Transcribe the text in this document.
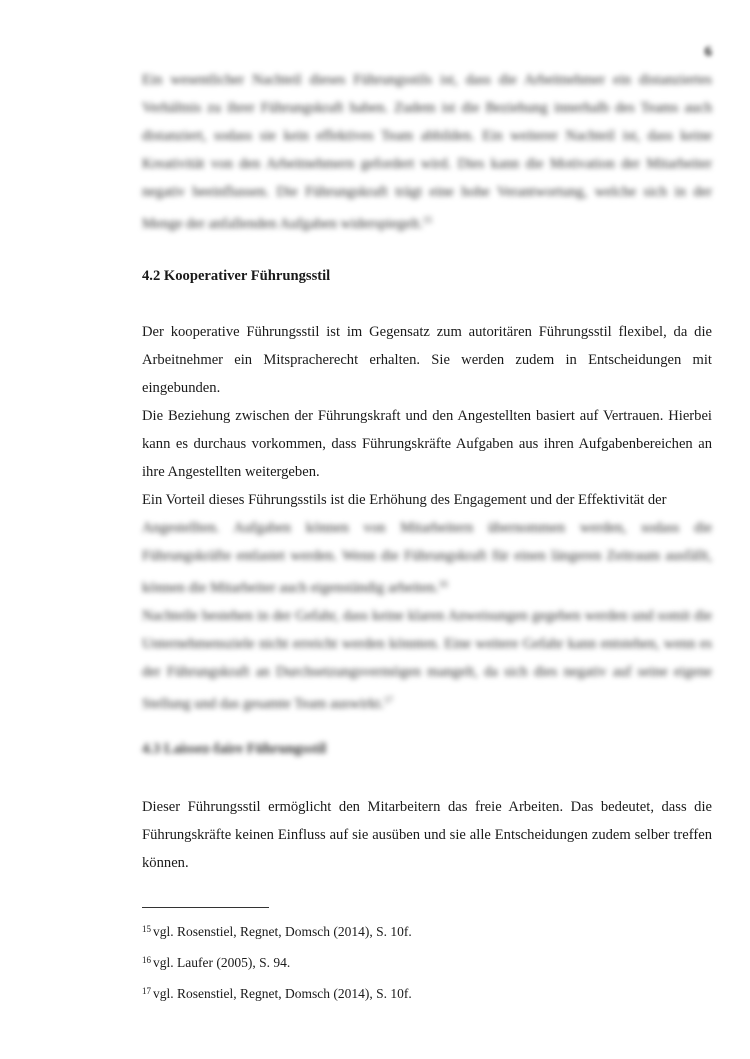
6

Ein wesentlicher Nachteil dieses Führungsstils ist, dass die Arbeitnehmer ein distanziertes Verhältnis zu ihrer Führungskraft haben. Zudem ist die Beziehung innerhalb des Teams auch distanziert, sodass sie kein effektives Team abbilden. Ein weiterer Nachteil ist, dass keine Kreativität von den Arbeitnehmern gefordert wird. Dies kann die Motivation der Mitarbeiter negativ beeinflussen. Die Führungskraft trägt eine hohe Verantwortung, welche sich in der Menge der anfallenden Aufgaben widerspiegelt.$^{15}$

4.2 Kooperativer Führungsstil

Der kooperative Führungsstil ist im Gegensatz zum autoritären Führungsstil flexibel, da die Arbeitnehmer ein Mitspracherecht erhalten. Sie werden zudem in Entscheidungen mit eingebunden.

Die Beziehung zwischen der Führungskraft und den Angestellten basiert auf Vertrauen. Hierbei kann es durchaus vorkommen, dass Führungskräfte Aufgaben aus ihren Aufgabenbereichen an ihre Angestellten weitergeben.

Ein Vorteil dieses Führungsstils ist die Erhöhung des Engagement und der Effektivität der

Angestellten. Aufgaben können von Mitarbeitern übernommen werden, sodass die Führungskräfte entlastet werden. Wenn die Führungskraft für einen längeren Zeitraum ausfällt, können die Mitarbeiter auch eigenständig arbeiten.$^{16}$

Nachteile bestehen in der Gefahr, dass keine klaren Anweisungen gegeben werden und somit die Unternehmensziele nicht erreicht werden könnten. Eine weitere Gefahr kann entstehen, wenn es der Führungskraft an Durchsetzungsvermögen mangelt, da sich dies negativ auf seine eigene Stellung und das gesamte Team auswirkt.$^{17}$

4.3 Laissez-faire Führungsstil

Dieser Führungsstil ermöglicht den Mitarbeitern das freie Arbeiten. Das bedeutet, dass die Führungskräfte keinen Einfluss auf sie ausüben und sie alle Entscheidungen zudem selber treffen können.

$^{15}$ vgl. Rosenstiel, Regnet, Domsch (2014), S. 10f.

$^{16}$ vgl. Laufer (2005), S. 94.

$^{17}$ vgl. Rosenstiel, Regnet, Domsch (2014), S. 10f.
